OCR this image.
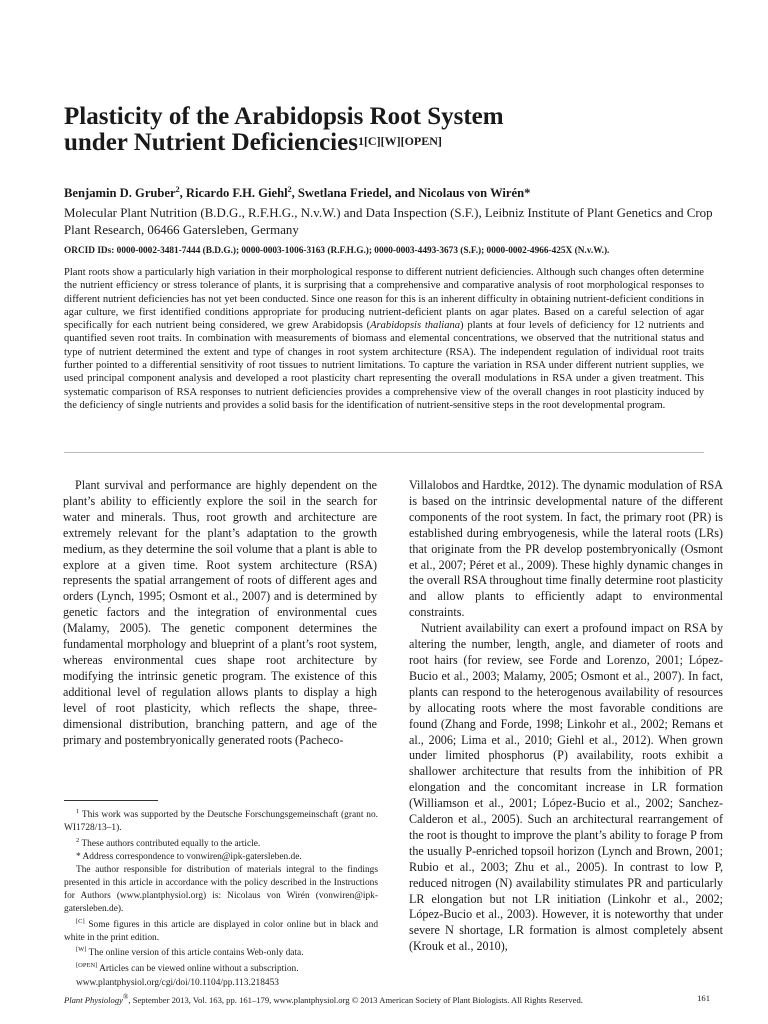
Plasticity of the Arabidopsis Root System
under Nutrient Deficiencies$^{1[C][W][OPEN]}$

Benjamin D. Gruber$^2$, Ricardo F.H. Giehl$^2$, Swetlana Friedel, and Nicolaus von Wirén*

Molecular Plant Nutrition (B.D.G., R.F.H.G., N.v.W.) and Data Inspection (S.F.), Leibniz Institute of Plant Genetics and Crop Plant Research, 06466 Gatersleben, Germany

ORCID IDs: 0000-0002-3481-7444 (B.D.G.); 0000-0003-1006-3163 (R.F.H.G.); 0000-0003-4493-3673 (S.F.); 0000-0002-4966-425X (N.v.W.).

Plant roots show a particularly high variation in their morphological response to different nutrient deficiencies. Although such changes often determine the nutrient efficiency or stress tolerance of plants, it is surprising that a comprehensive and comparative analysis of root morphological responses to different nutrient deficiencies has not yet been conducted. Since one reason for this is an inherent difficulty in obtaining nutrient-deficient conditions in agar culture, we first identified conditions appropriate for producing nutrient-deficient plants on agar plates. Based on a careful selection of agar specifically for each nutrient being considered, we grew Arabidopsis (Arabidopsis thaliana) plants at four levels of deficiency for 12 nutrients and quantified seven root traits. In combination with measurements of biomass and elemental concentrations, we observed that the nutritional status and type of nutrient determined the extent and type of changes in root system architecture (RSA). The independent regulation of individual root traits further pointed to a differential sensitivity of root tissues to nutrient limitations. To capture the variation in RSA under different nutrient supplies, we used principal component analysis and developed a root plasticity chart representing the overall modulations in RSA under a given treatment. This systematic comparison of RSA responses to nutrient deficiencies provides a comprehensive view of the overall changes in root plasticity induced by the deficiency of single nutrients and provides a solid basis for the identification of nutrient-sensitive steps in the root developmental program.

Plant survival and performance are highly dependent on the plant’s ability to efficiently explore the soil in the search for water and minerals. Thus, root growth and architecture are extremely relevant for the plant’s adaptation to the growth medium, as they determine the soil volume that a plant is able to explore at a given time. Root system architecture (RSA) represents the spatial arrangement of roots of different ages and orders (Lynch, 1995; Osmont et al., 2007) and is determined by genetic factors and the integration of environmental cues (Malamy, 2005). The genetic component determines the fundamental morphology and blueprint of a plant’s root system, whereas environmental cues shape root architecture by modifying the intrinsic genetic program. The existence of this additional level of regulation allows plants to display a high level of root plasticity, which reflects the shape, three-dimensional distribution, branching pattern, and age of the primary and postembryonically generated roots (Pacheco-

$^1$ This work was supported by the Deutsche Forschungsgemeinschaft (grant no. WI1728/13–1).

$^2$ These authors contributed equally to the article.

* Address correspondence to vonwiren@ipk-gatersleben.de.

The author responsible for distribution of materials integral to the findings presented in this article in accordance with the policy described in the Instructions for Authors (www.plantphysiol.org) is: Nicolaus von Wirén (vonwiren@ipk-gatersleben.de).

[C] Some figures in this article are displayed in color online but in black and white in the print edition.

[W] The online version of this article contains Web-only data.

[OPEN] Articles can be viewed online without a subscription.

www.plantphysiol.org/cgi/doi/10.1104/pp.113.218453

Villalobos and Hardtke, 2012). The dynamic modulation of RSA is based on the intrinsic developmental nature of the different components of the root system. In fact, the primary root (PR) is established during embryogenesis, while the lateral roots (LRs) that originate from the PR develop postembryonically (Osmont et al., 2007; Péret et al., 2009). These highly dynamic changes in the overall RSA throughout time finally determine root plasticity and allow plants to efficiently adapt to environmental constraints.

Nutrient availability can exert a profound impact on RSA by altering the number, length, angle, and diameter of roots and root hairs (for review, see Forde and Lorenzo, 2001; López-Bucio et al., 2003; Malamy, 2005; Osmont et al., 2007). In fact, plants can respond to the heterogenous availability of resources by allocating roots where the most favorable conditions are found (Zhang and Forde, 1998; Linkohr et al., 2002; Remans et al., 2006; Lima et al., 2010; Giehl et al., 2012). When grown under limited phosphorus (P) availability, roots exhibit a shallower architecture that results from the inhibition of PR elongation and the concomitant increase in LR formation (Williamson et al., 2001; López-Bucio et al., 2002; Sanchez-Calderon et al., 2005). Such an architectural rearrangement of the root is thought to improve the plant’s ability to forage P from the usually P-enriched topsoil horizon (Lynch and Brown, 2001; Rubio et al., 2003; Zhu et al., 2005). In contrast to low P, reduced nitrogen (N) availability stimulates PR and particularly LR elongation but not LR initiation (Linkohr et al., 2002; López-Bucio et al., 2003). However, it is noteworthy that under severe N shortage, LR formation is almost completely absent (Krouk et al., 2010),

Plant Physiology®, September 2013, Vol. 163, pp. 161–179, www.plantphysiol.org © 2013 American Society of Plant Biologists. All Rights Reserved.	161
